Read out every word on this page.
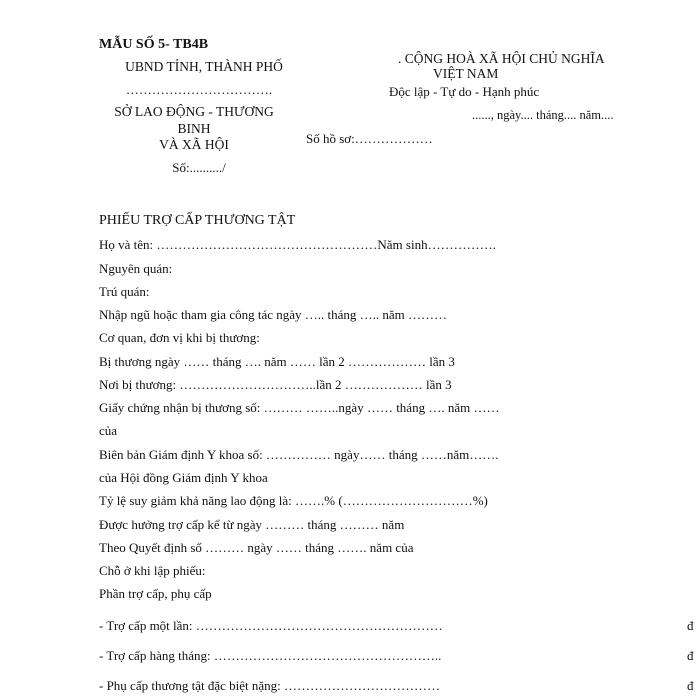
MẪU SỐ 5- TB4B
UBND TỈNH, THÀNH PHỐ
…………………………….
SỞ LAO ĐỘNG - THƯƠNG
BINH
VÀ XÃ HỘI
Số:........../
. CỘNG HOÀ XÃ HỘI CHỦ NGHĨA
VIỆT NAM
Độc lập - Tự do - Hạnh phúc
......, ngày.... tháng.... năm....
Số hồ sơ:………………
PHIẾU TRỢ CẤP THƯƠNG TẬT
Họ và tên: ……………………………………………Năm sinh…………….
Nguyên quán:
Trú quán:
Nhập ngũ hoặc tham gia công tác ngày ….. tháng ….. năm ………
Cơ quan, đơn vị khi bị thương:
Bị thương ngày …… tháng …. năm …… lần 2 ……………… lần 3
Nơi bị thương: …………………………..lần 2 ……………… lần 3
Giấy chứng nhận bị thương số: ……… ……..ngày …… tháng …. năm ……
của
Biên bản Giám định Y khoa số: …………… ngày…… tháng ……năm…….
của Hội đồng Giám định Y khoa
Tỷ lệ suy giảm khả năng lao động là: …….% (…………………………%)
Được hưởng trợ cấp kể từ ngày ……… tháng ……… năm
Theo Quyết định số ……… ngày …… tháng ……. năm của
Chỗ ở khi lập phiếu:
Phần trợ cấp, phụ cấp
- Trợ cấp một lần: …………………………………………………	đ
- Trợ cấp hàng tháng: ……………………………………………..	đ
- Phụ cấp thương tật đặc biệt nặng: ………………………………	đ
